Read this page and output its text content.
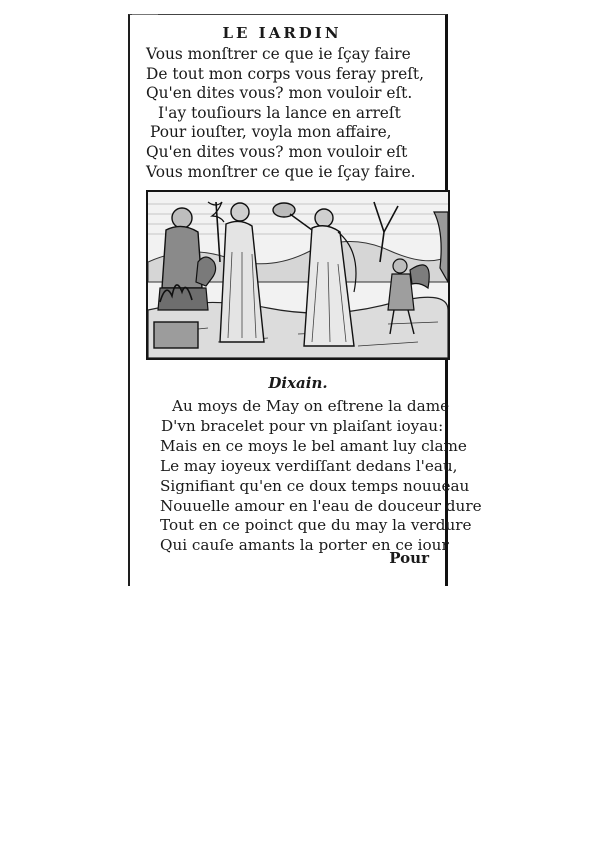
LE IARDIN
Vous monſtrer ce que ie ſçay faire
De tout mon corps vous feray preſt,
Qu'en dites vous? mon vouloir eſt.
I'ay touſiours la lance en arreſt
Pour iouſter, voyla mon affaire,
Qu'en dites vous? mon vouloir eſt
Vous monſtrer ce que ie ſçay faire.
Dixain.
Au moys de May on eſtrene la dame
D'vn bracelet pour vn plaiſant ioyau:
Mais en ce moys le bel amant luy clame
Le may ioyeux verdiſſant dedans l'eau,
Signifiant qu'en ce doux temps nouueau
Nouuelle amour en l'eau de douceur dure
Tout en ce poinct que du may la verdure
Qui cauſe amants la porter en ce iour
Pour
